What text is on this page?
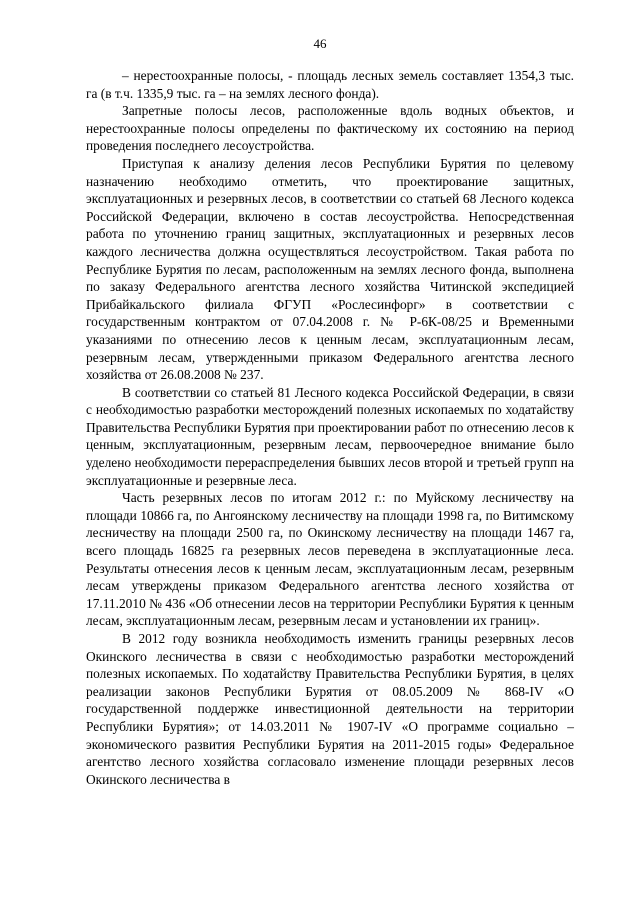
46

– нерестоохранные полосы, - площадь лесных земель составляет 1354,3 тыс. га (в т.ч. 1335,9 тыс. га – на землях лесного фонда).

Запретные полосы лесов, расположенные вдоль водных объектов, и нерестоохранные полосы определены по фактическому их состоянию на период проведения последнего лесоустройства.

Приступая к анализу деления лесов Республики Бурятия по целевому назначению необходимо отметить, что проектирование защитных, эксплуатационных и резервных лесов, в соответствии со статьей 68 Лесного кодекса Российской Федерации, включено в состав лесоустройства. Непосредственная работа по уточнению границ защитных, эксплуатационных и резервных лесов каждого лесничества должна осуществляться лесоустройством. Такая работа по Республике Бурятия по лесам, расположенным на землях лесного фонда, выполнена по заказу Федерального агентства лесного хозяйства Читинской экспедицией Прибайкальского филиала ФГУП «Рослесинфорг» в соответствии с государственным контрактом от 07.04.2008 г. № Р-6К-08/25 и Временными указаниями по отнесению лесов к ценным лесам, эксплуатационным лесам, резервным лесам, утвержденными приказом Федерального агентства лесного хозяйства от 26.08.2008 № 237.

В соответствии со статьей 81 Лесного кодекса Российской Федерации, в связи с необходимостью разработки месторождений полезных ископаемых по ходатайству Правительства Республики Бурятия при проектировании работ по отнесению лесов к ценным, эксплуатационным, резервным лесам, первоочередное внимание было уделено необходимости перераспределения бывших лесов второй и третьей групп на эксплуатационные и резервные леса.

Часть резервных лесов по итогам 2012 г.: по Муйскому лесничеству на площади 10866 га, по Ангоянскому лесничеству на площади 1998 га, по Витимскому лесничеству на площади 2500 га, по Окинскому лесничеству на площади 1467 га, всего площадь 16825 га резервных лесов переведена в эксплуатационные леса. Результаты отнесения лесов к ценным лесам, эксплуатационным лесам, резервным лесам утверждены приказом Федерального агентства лесного хозяйства от 17.11.2010 № 436 «Об отнесении лесов на территории Республики Бурятия к ценным лесам, эксплуатационным лесам, резервным лесам и установлении их границ».

В 2012 году возникла необходимость изменить границы резервных лесов Окинского лесничества в связи с необходимостью разработки месторождений полезных ископаемых. По ходатайству Правительства Республики Бурятия, в целях реализации законов Республики Бурятия от 08.05.2009 № 868-IV «О государственной поддержке инвестиционной деятельности на территории Республики Бурятия»; от 14.03.2011 № 1907-IV «О программе социально – экономического развития Республики Бурятия на 2011-2015 годы» Федеральное агентство лесного хозяйства согласовало изменение площади резервных лесов Окинского лесничества в
